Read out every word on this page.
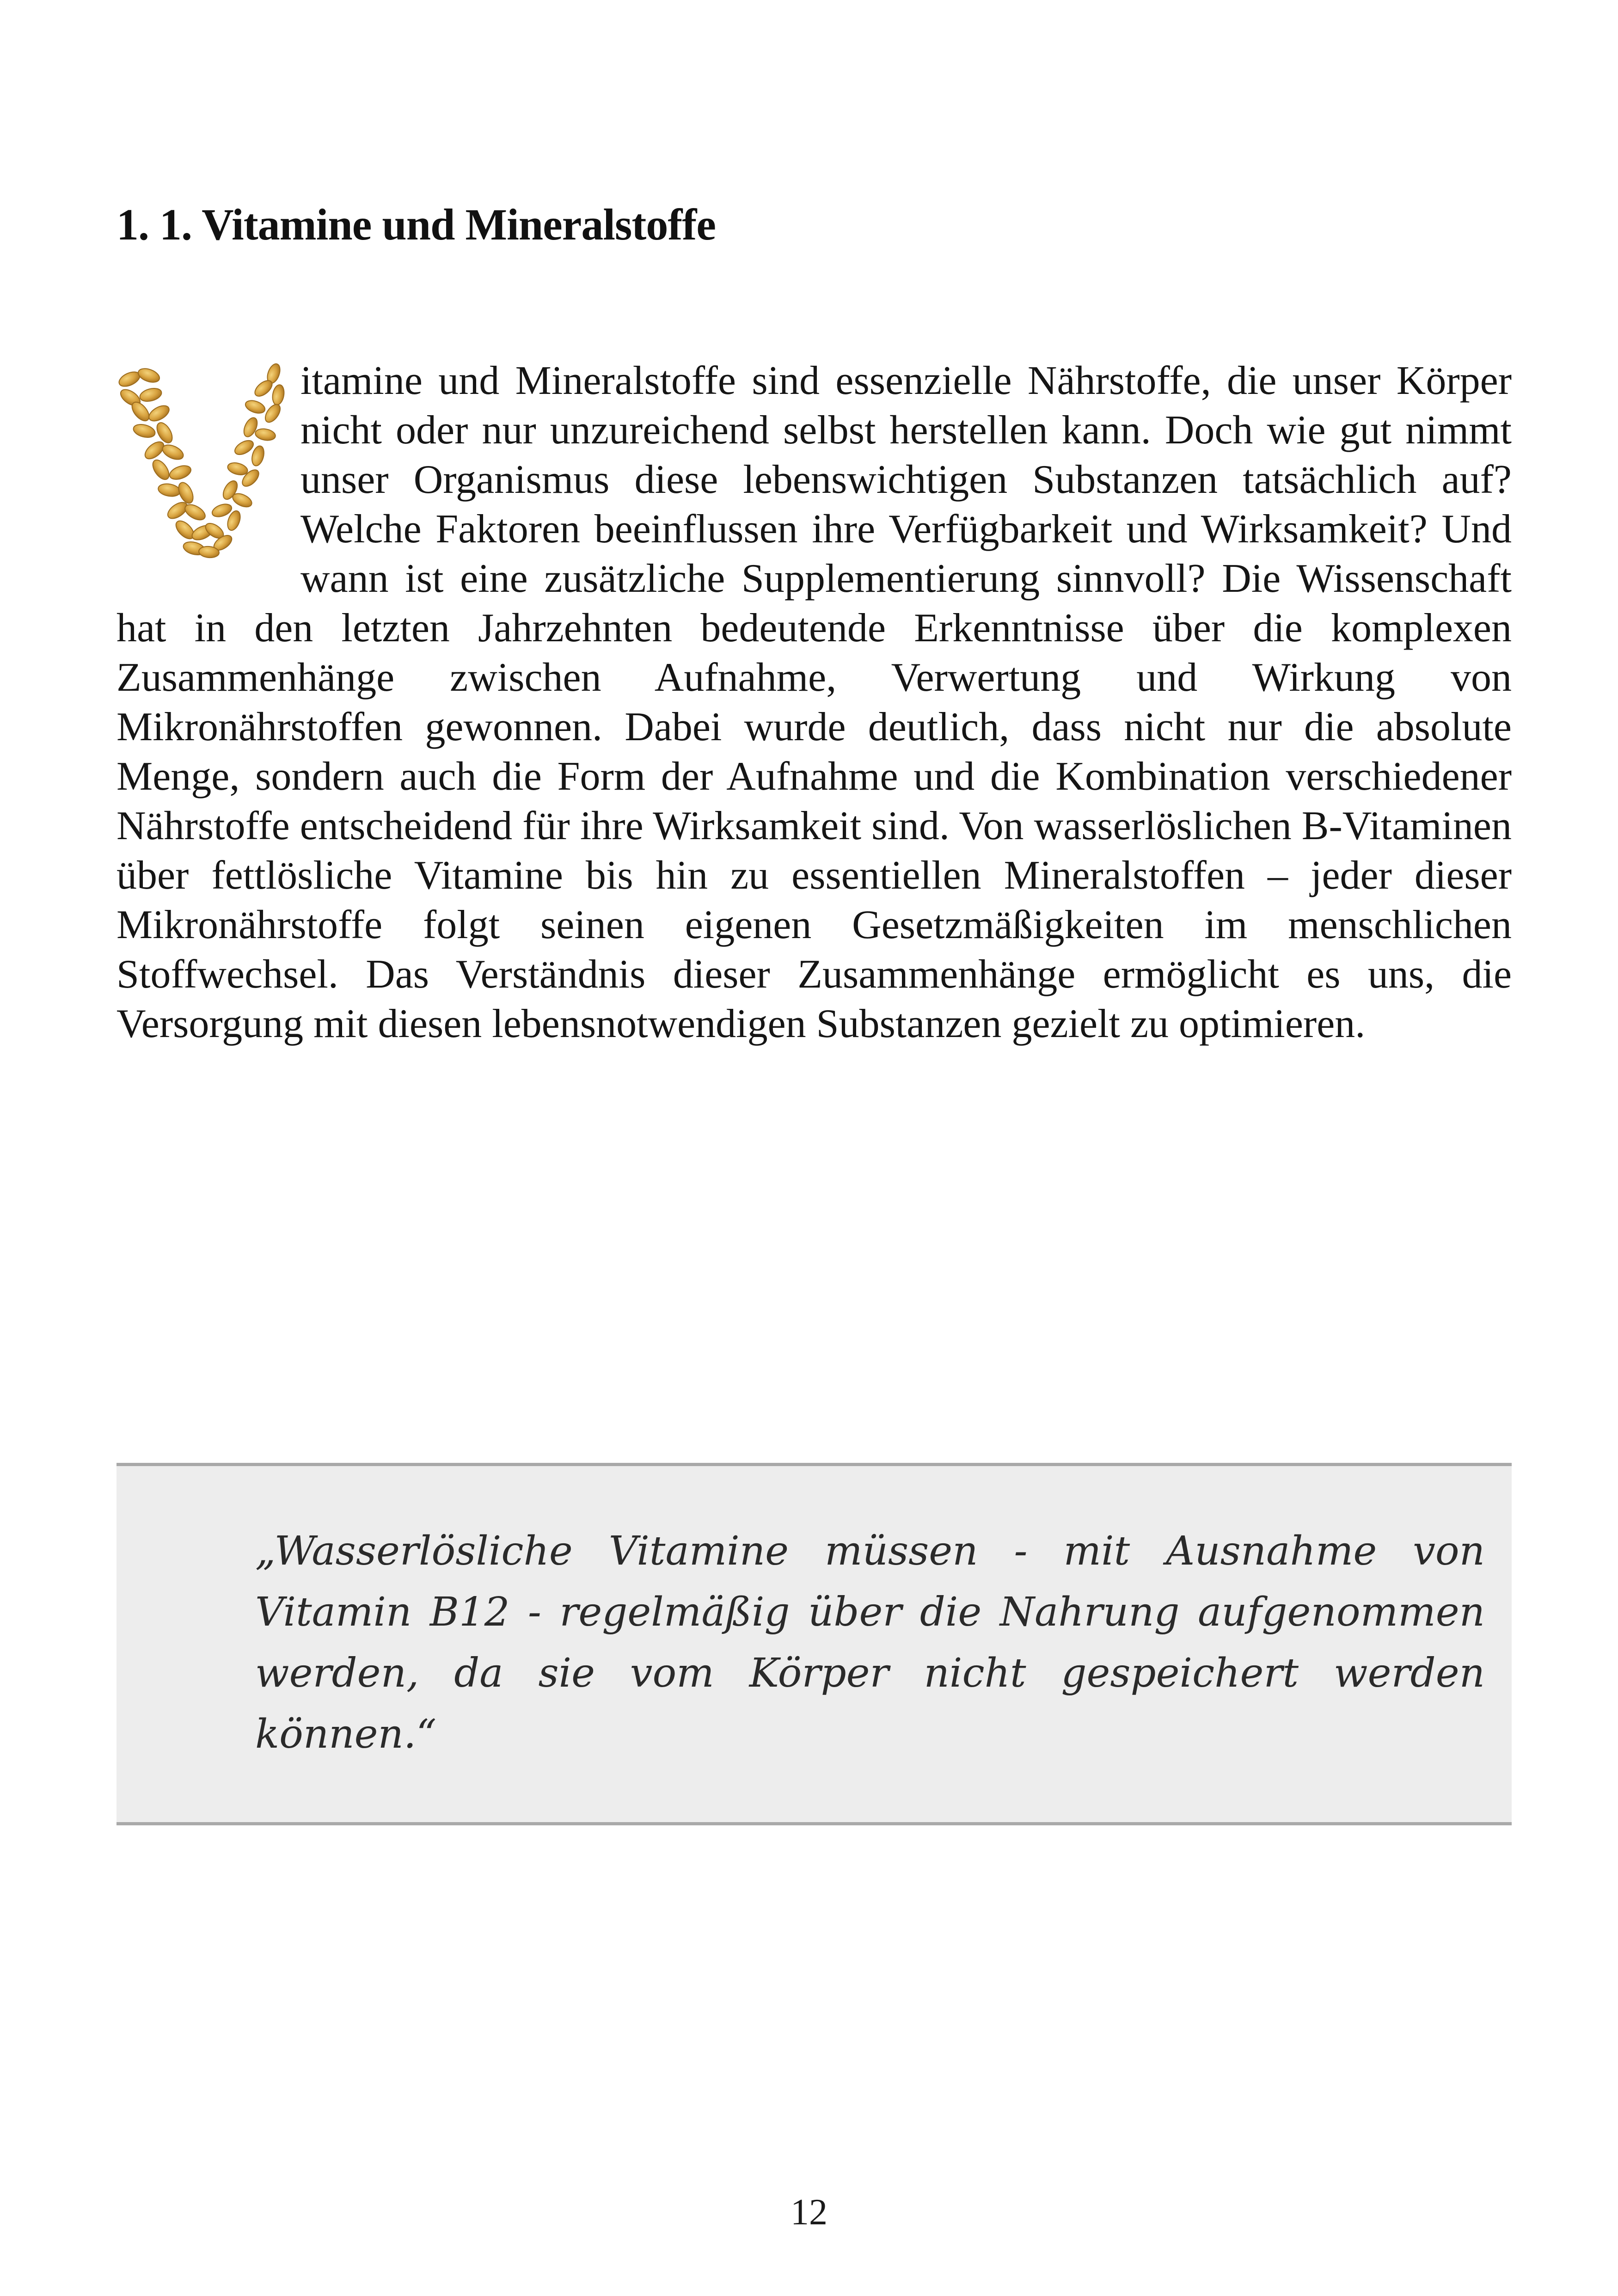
1. 1. Vitamine und Mineralstoffe

itamine und Mineralstoffe sind essenzielle Nährstoffe, die unser Körper nicht oder nur unzureichend selbst herstellen kann. Doch wie gut nimmt unser Organismus diese lebenswichtigen Substanzen tatsächlich auf? Welche Faktoren beeinflussen ihre Verfügbarkeit und Wirksamkeit? Und wann ist eine zusätzliche Supplementierung sinnvoll? Die Wissenschaft hat in den letzten Jahrzehnten bedeutende Erkenntnisse über die komplexen Zusammenhänge zwischen Aufnahme, Verwertung und Wirkung von Mikronährstoffen gewonnen. Dabei wurde deutlich, dass nicht nur die absolute Menge, sondern auch die Form der Aufnahme und die Kombination verschiedener Nährstoffe entscheidend für ihre Wirksamkeit sind. Von wasserlöslichen B-Vitaminen über fettlösliche Vitamine bis hin zu essentiellen Mineralstoffen – jeder dieser Mikronährstoffe folgt seinen eigenen Gesetzmäßigkeiten im menschlichen Stoffwechsel. Das Verständnis dieser Zusammenhänge ermöglicht es uns, die Versorgung mit diesen lebensnotwendigen Substanzen gezielt zu optimieren.

„Wasserlösliche Vitamine müssen - mit Ausnahme von Vitamin B12 - regelmäßig über die Nahrung aufgenommen werden, da sie vom Körper nicht gespeichert werden können.“

12
